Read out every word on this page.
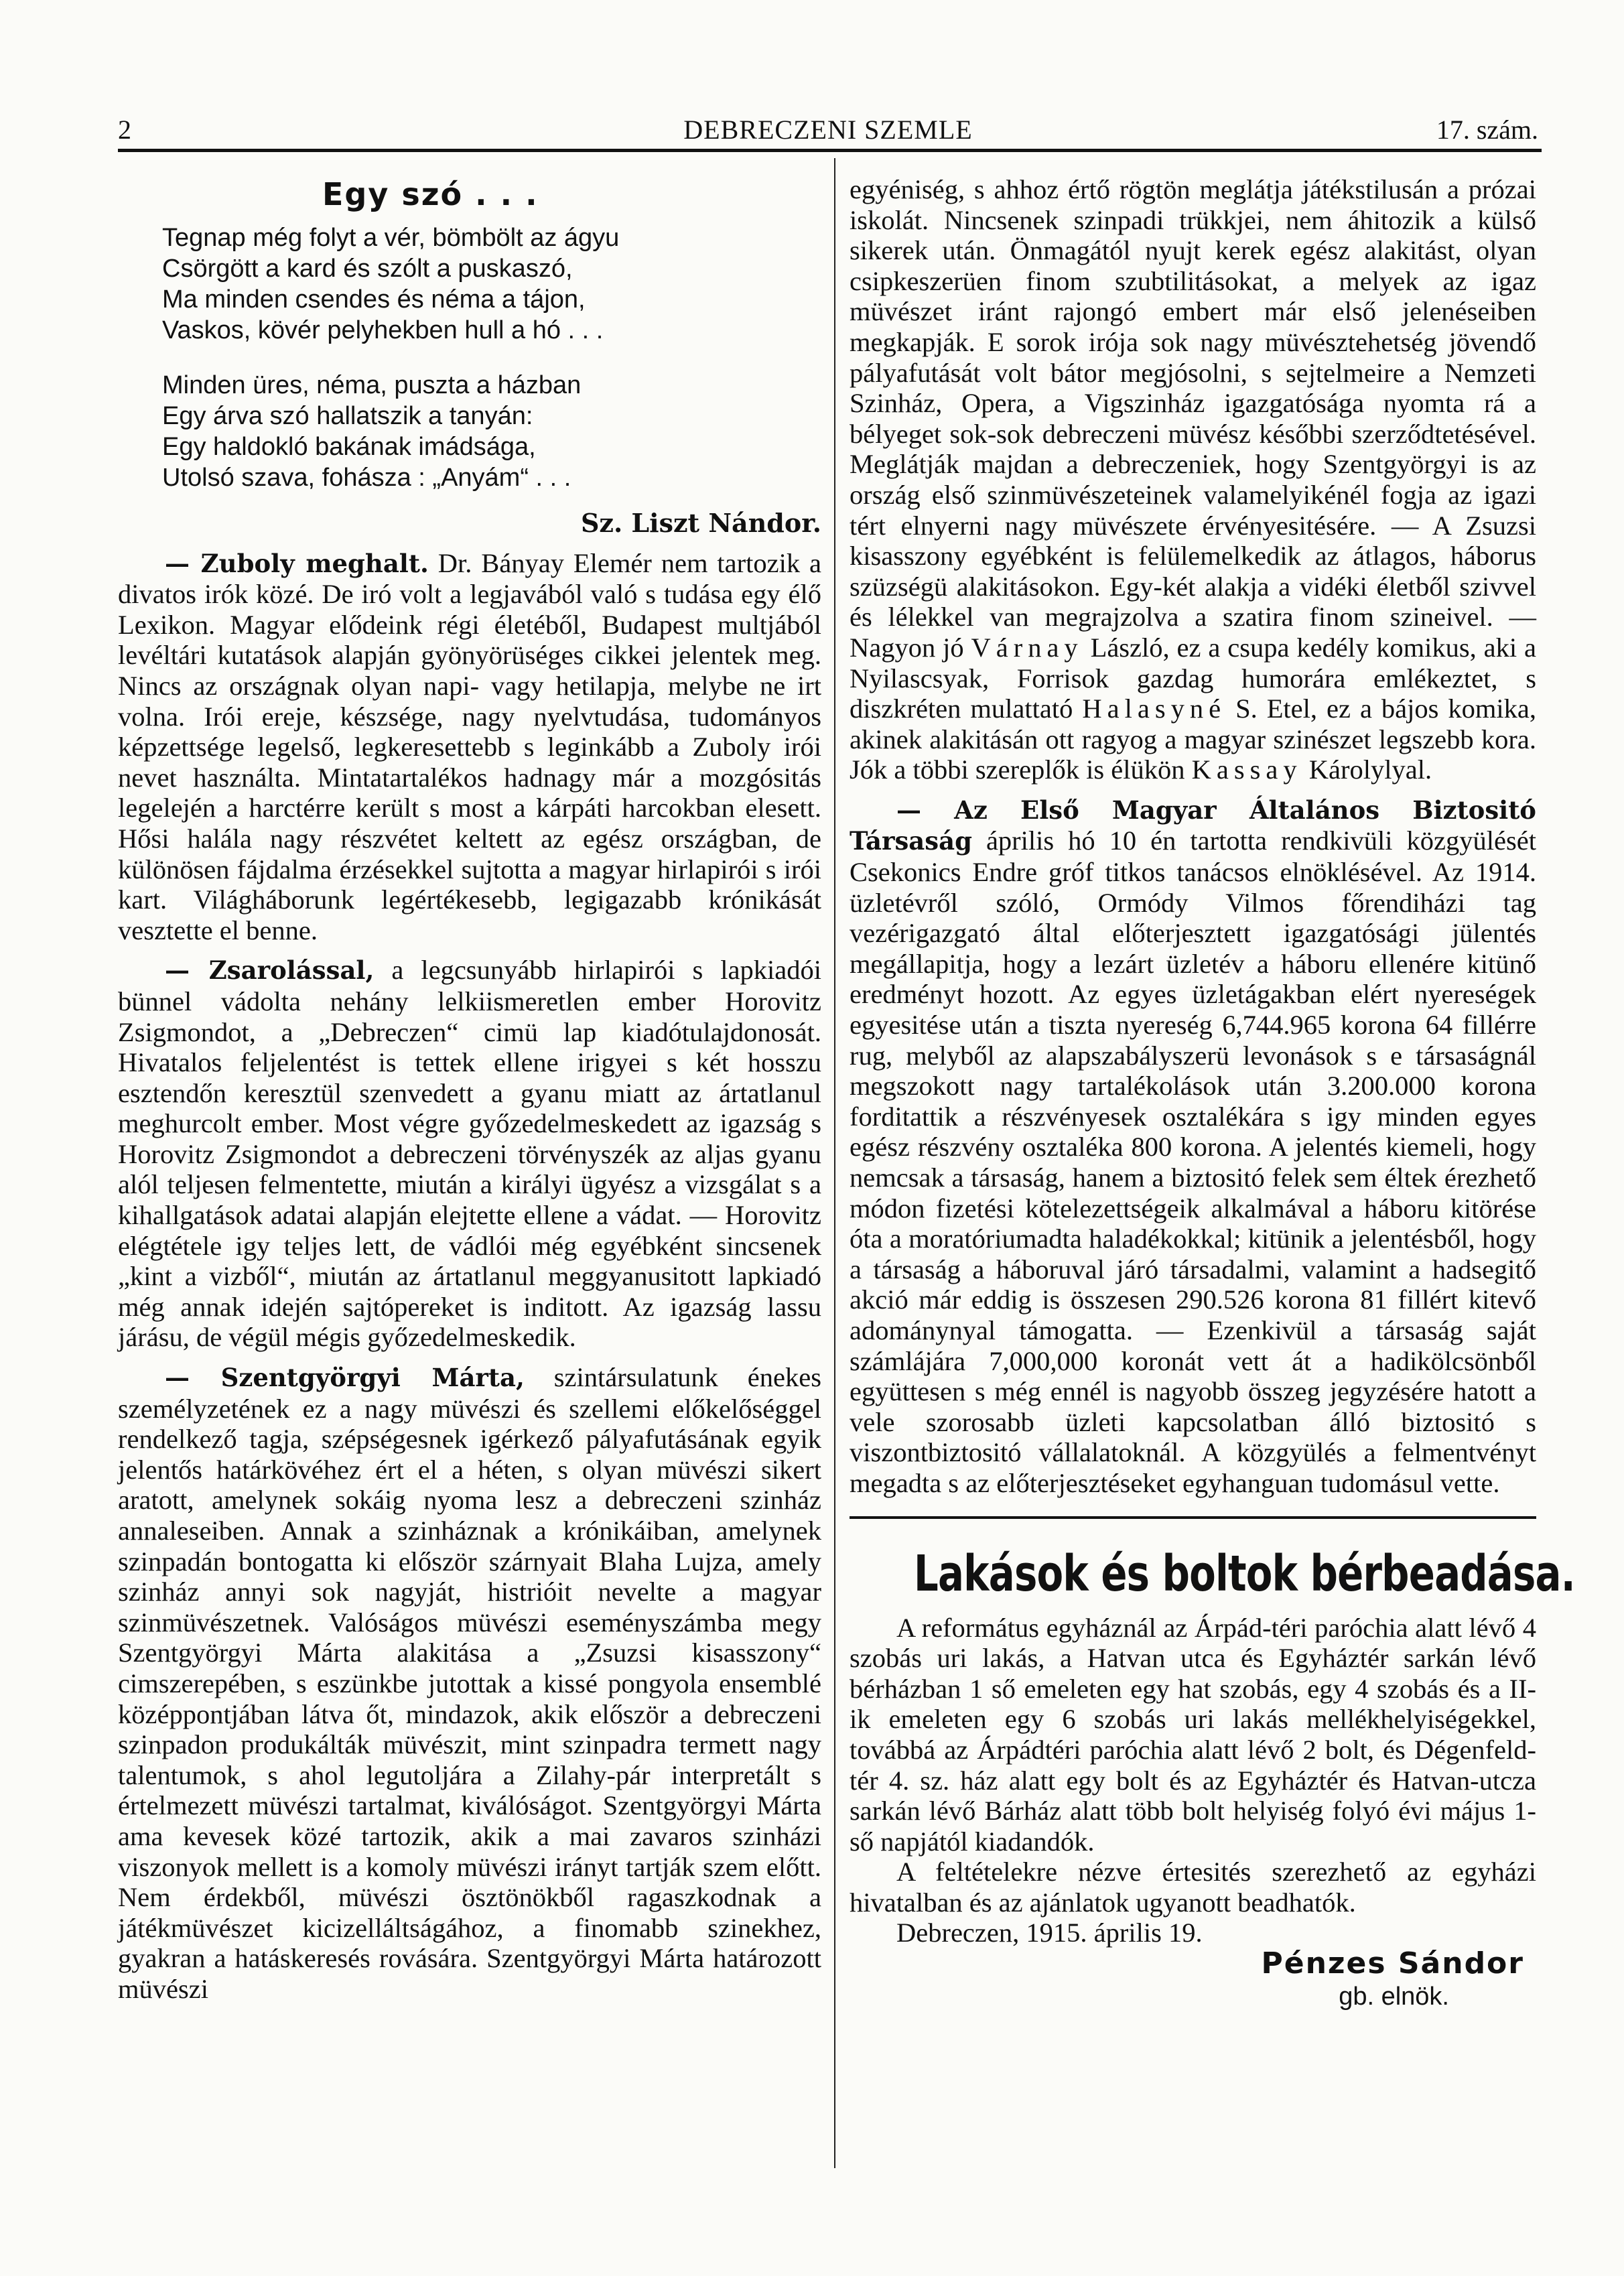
2	DEBRECZENI SZEMLE	17. szám.
Egy szó . . .
Tegnap még folyt a vér, bömbölt az ágyu
Csörgött a kard és szólt a puskaszó,
Ma minden csendes és néma a tájon,
Vaskos, kövér pelyhekben hull a hó . . .
Minden üres, néma, puszta a házban
Egy árva szó hallatszik a tanyán:
Egy haldokló bakának imádsága,
Utolsó szava, fohásza : „Anyám“ . . .
Sz. Liszt Nándor.

— Zuboly meghalt. Dr. Bányay Elemér nem tartozik a divatos irók közé. De iró volt a legjavából való s tudása egy élő Lexikon. Magyar elődeink régi életéből, Budapest multjából levéltári kutatások alapján gyönyörüséges cikkei jelentek meg. Nincs az országnak olyan napi- vagy hetilapja, melybe ne irt volna. Irói ereje, készsége, nagy nyelvtudása, tudományos képzettsége legelső, legkeresettebb s leginkább a Zuboly irói nevet használta. Mintatartalékos hadnagy már a mozgósitás legelején a harctérre került s most a kárpáti harcokban elesett. Hősi halála nagy részvétet keltett az egész országban, de különösen fájdalma érzésekkel sujtotta a magyar hirlapirói s irói kart. Világháborunk legértékesebb, legigazabb krónikását vesztette el benne.

— Zsarolással, a legcsunyább hirlapirói s lapkiadói bünnel vádolta nehány lelkiismeretlen ember Horovitz Zsigmondot, a „Debreczen“ cimü lap kiadótulajdonosát. Hivatalos feljelentést is tettek ellene irigyei s két hosszu esztendőn keresztül szenvedett a gyanu miatt az ártatlanul meghurcolt ember. Most végre győzedelmeskedett az igazság s Horovitz Zsigmondot a debreczeni törvényszék az aljas gyanu alól teljesen felmentette, miután a királyi ügyész a vizsgálat s a kihallgatások adatai alapján elejtette ellene a vádat. — Horovitz elégtétele igy teljes lett, de vádlói még egyébként sincsenek „kint a vizből“, miután az ártatlanul meggyanusitott lapkiadó még annak idején sajtópereket is inditott. Az igazság lassu járásu, de végül mégis győzedelmeskedik.

— Szentgyörgyi Márta, szintársulatunk énekes személyzetének ez a nagy müvészi és szellemi előkelőséggel rendelkező tagja, szépségesnek igérkező pályafutásának egyik jelentős határkövéhez ért el a héten, s olyan müvészi sikert aratott, amelynek sokáig nyoma lesz a debreczeni szinház annaleseiben. Annak a szinháznak a krónikáiban, amelynek szinpadán bontogatta ki először szárnyait Blaha Lujza, amely szinház annyi sok nagyját, histrióit nevelte a magyar szinmüvészetnek. Valóságos müvészi eseményszámba megy Szentgyörgyi Márta alakitása a „Zsuzsi kisasszony“ cimszerepében, s eszünkbe jutottak a kissé pongyola ensemblé középpontjában látva őt, mindazok, akik először a debreczeni szinpadon produkálták müvészit, mint szinpadra termett nagy talentumok, s ahol legutoljára a Zilahy-pár interpretált s értelmezett müvészi tartalmat, kiválóságot. Szentgyörgyi Márta ama kevesek közé tartozik, akik a mai zavaros szinházi viszonyok mellett is a komoly müvészi irányt tartják szem előtt. Nem érdekből, müvészi ösztönökből ragaszkodnak a játékmüvészet kicizelláltságához, a finomabb szinekhez, gyakran a hatáskeresés rovására. Szentgyörgyi Márta határozott müvészi

egyéniség, s ahhoz értő rögtön meglátja játékstilusán a prózai iskolát. Nincsenek szinpadi trükkjei, nem áhitozik a külső sikerek után. Önmagától nyujt kerek egész alakitást, olyan csipkeszerüen finom szubtilitásokat, a melyek az igaz müvészet iránt rajongó embert már első jelenéseiben megkapják. E sorok irója sok nagy müvésztehetség jövendő pályafutását volt bátor megjósolni, s sejtelmeire a Nemzeti Szinház, Opera, a Vigszinház igazgatósága nyomta rá a bélyeget sok-sok debreczeni müvész későbbi szerződtetésével. Meglátják majdan a debreczeniek, hogy Szentgyörgyi is az ország első szinmüvészeteinek valamelyikénél fogja az igazi tért elnyerni nagy müvészete érvényesitésére. — A Zsuzsi kisasszony egyébként is felülemelkedik az átlagos, háborus szüzségü alakitásokon. Egy-két alakja a vidéki életből szivvel és lélekkel van megrajzolva a szatira finom szineivel. — Nagyon jó Várnay László, ez a csupa kedély komikus, aki a Nyilascsyak, Forrisok gazdag humorára emlékeztet, s diszkréten mulattató Halasyné S. Etel, ez a bájos komika, akinek alakitásán ott ragyog a magyar szinészet legszebb kora. Jók a többi szereplők is élükön Kassay Károlylyal.

— Az Első Magyar Általános Biztositó Társaság április hó 10 én tartotta rendkivüli közgyülését Csekonics Endre gróf titkos tanácsos elnöklésével. Az 1914. üzletévről szóló, Ormódy Vilmos főrendiházi tag vezérigazgató által előterjesztett igazgatósági jülentés megállapitja, hogy a lezárt üzletév a háboru ellenére kitünő eredményt hozott. Az egyes üzletágakban elért nyereségek egyesitése után a tiszta nyereség 6,744.965 korona 64 fillérre rug, melyből az alapszabályszerü levonások s e társaságnál megszokott nagy tartalékolások után 3.200.000 korona forditattik a részvényesek osztalékára s igy minden egyes egész részvény osztaléka 800 korona. A jelentés kiemeli, hogy nemcsak a társaság, hanem a biztositó felek sem éltek érezhető módon fizetési kötelezettségeik alkalmával a háboru kitörése óta a moratóriumadta haladékokkal; kitünik a jelentésből, hogy a társaság a háboruval járó társadalmi, valamint a hadsegitő akció már eddig is összesen 290.526 korona 81 fillért kitevő adománynyal támogatta. — Ezenkivül a társaság saját számlájára 7,000,000 koronát vett át a hadikölcsönből együttesen s még ennél is nagyobb összeg jegyzésére hatott a vele szorosabb üzleti kapcsolatban álló biztositó s viszontbiztositó vállalatoknál. A közgyülés a felmentvényt megadta s az előterjesztéseket egyhanguan tudomásul vette.

Lakások és boltok bérbeadása.

A református egyháznál az Árpád-téri paróchia alatt lévő 4 szobás uri lakás, a Hatvan utca és Egyháztér sarkán lévő bérházban 1 ső emeleten egy hat szobás, egy 4 szobás és a II-ik emeleten egy 6 szobás uri lakás mellékhelyiségekkel, továbbá az Árpádtéri paróchia alatt lévő 2 bolt, és Dégenfeld-tér 4. sz. ház alatt egy bolt és az Egyháztér és Hatvan-utcza sarkán lévő Bárház alatt több bolt helyiség folyó évi május 1-ső napjától kiadandók.

A feltételekre nézve értesités szerezhető az egyházi hivatalban és az ajánlatok ugyanott beadhatók.

Debreczen, 1915. április 19.

Pénzes Sándor
gb. elnök.
